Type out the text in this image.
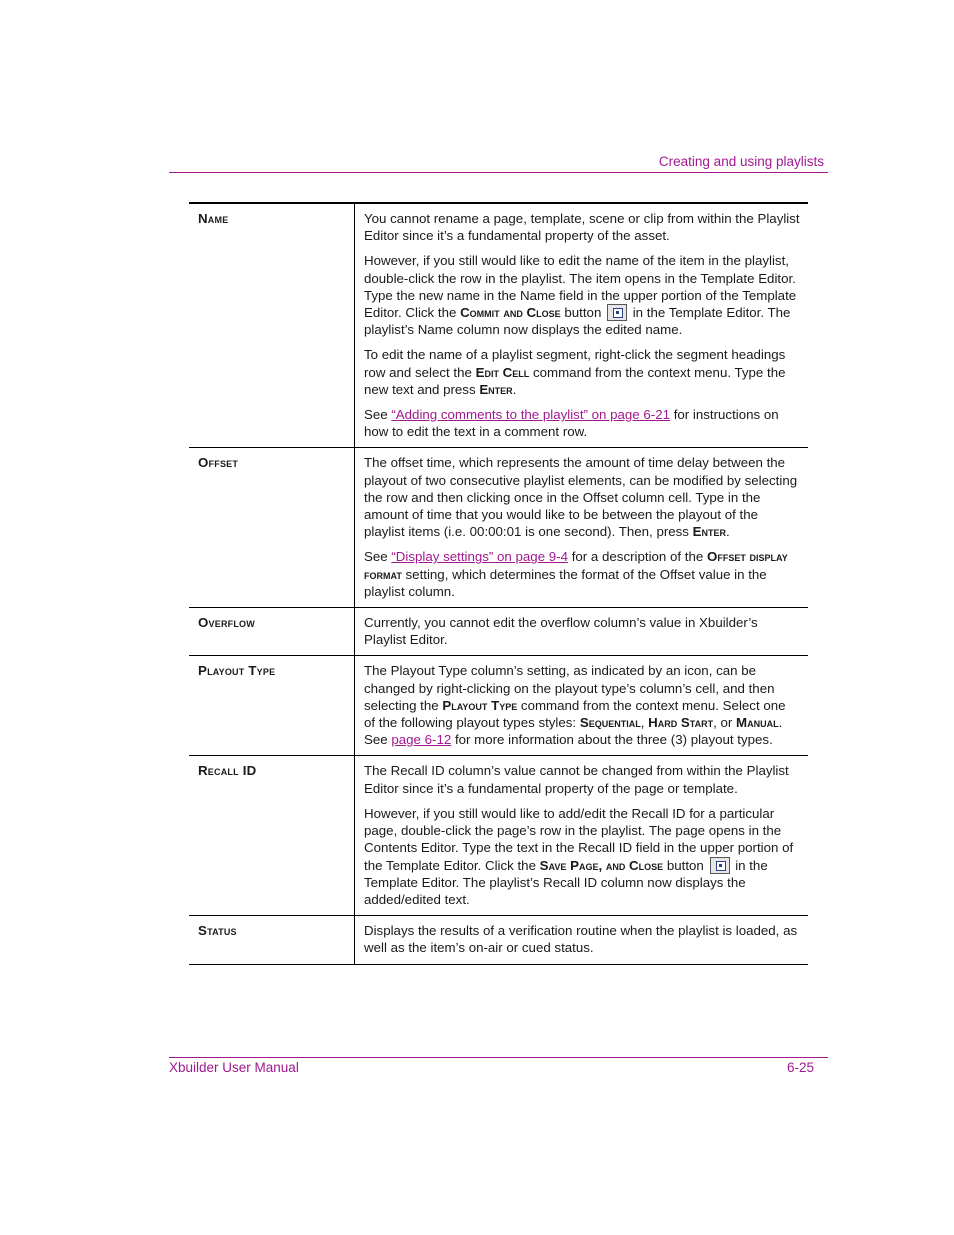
Creating and using playlists
Name	You cannot rename a page, template, scene or clip from within the Playlist Editor since it’s a fundamental property of the asset.

However, if you still would like to edit the name of the item in the playlist, double-click the row in the playlist. The item opens in the Template Editor. Type the new name in the Name field in the upper portion of the Template Editor. Click the Commit and Close button  in the Template Editor. The playlist’s Name column now displays the edited name.

To edit the name of a playlist segment, right-click the segment headings row and select the Edit Cell command from the context menu. Type the new text and press Enter.

See “Adding comments to the playlist” on page 6-21 for instructions on how to edit the text in a comment row.

Offset	The offset time, which represents the amount of time delay between the playout of two consecutive playlist elements, can be modified by selecting the row and then clicking once in the Offset column cell. Type in the amount of time that you would like to be between the playout of the playlist items (i.e. 00:00:01 is one second). Then, press Enter.

See “Display settings” on page 9-4 for a description of the Offset display format setting, which determines the format of the Offset value in the playlist column.

Overflow	Currently, you cannot edit the overflow column’s value in Xbuilder’s Playlist Editor.

Playout Type	The Playout Type column’s setting, as indicated by an icon, can be changed by right-clicking on the playout type’s column’s cell, and then selecting the Playout Type command from the context menu. Select one of the following playout types styles: Sequential, Hard Start, or Manual. See page 6-12 for more information about the three (3) playout types.

Recall ID	The Recall ID column’s value cannot be changed from within the Playlist Editor since it’s a fundamental property of the page or template.

However, if you still would like to add/edit the Recall ID for a particular page, double-click the page’s row in the playlist. The page opens in the Contents Editor. Type the text in the Recall ID field in the upper portion of the Template Editor. Click the Save Page, and Close button  in the Template Editor. The playlist’s Recall ID column now displays the added/edited text.

Status	Displays the results of a verification routine when the playlist is loaded, as well as the item’s on-air or cued status.

Xbuilder User Manual	6-25
